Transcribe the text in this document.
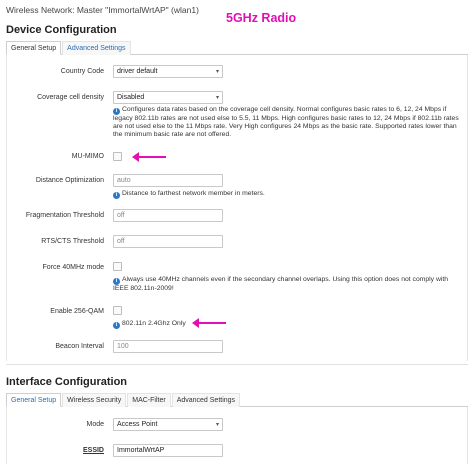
Wireless Network: Master "ImmortalWrtAP" (wlan1)
5GHz Radio
Device Configuration
General Setup	Advanced Settings
Country Code	driver default	▾
Coverage cell density	Disabled	▾
i Configures data rates based on the coverage cell density. Normal configures basic rates to 6, 12, 24 Mbps if legacy 802.11b rates are not used else to 5.5, 11 Mbps. High configures basic rates to 12, 24 Mbps if 802.11b rates are not used else to the 11 Mbps rate. Very High configures 24 Mbps as the basic rate. Supported rates lower than the minimum basic rate are not offered.
MU-MIMO
Distance Optimization	auto
i Distance to farthest network member in meters.
Fragmentation Threshold	off
RTS/CTS Threshold	off
Force 40MHz mode
i Always use 40MHz channels even if the secondary channel overlaps. Using this option does not comply with IEEE 802.11n-2009!
Enable 256-QAM
i 802.11n 2.4Ghz Only
Beacon Interval	100
Interface Configuration
General Setup	Wireless Security	MAC-Filter	Advanced Settings
Mode	Access Point	▾
ESSID	ImmortalWrtAP
